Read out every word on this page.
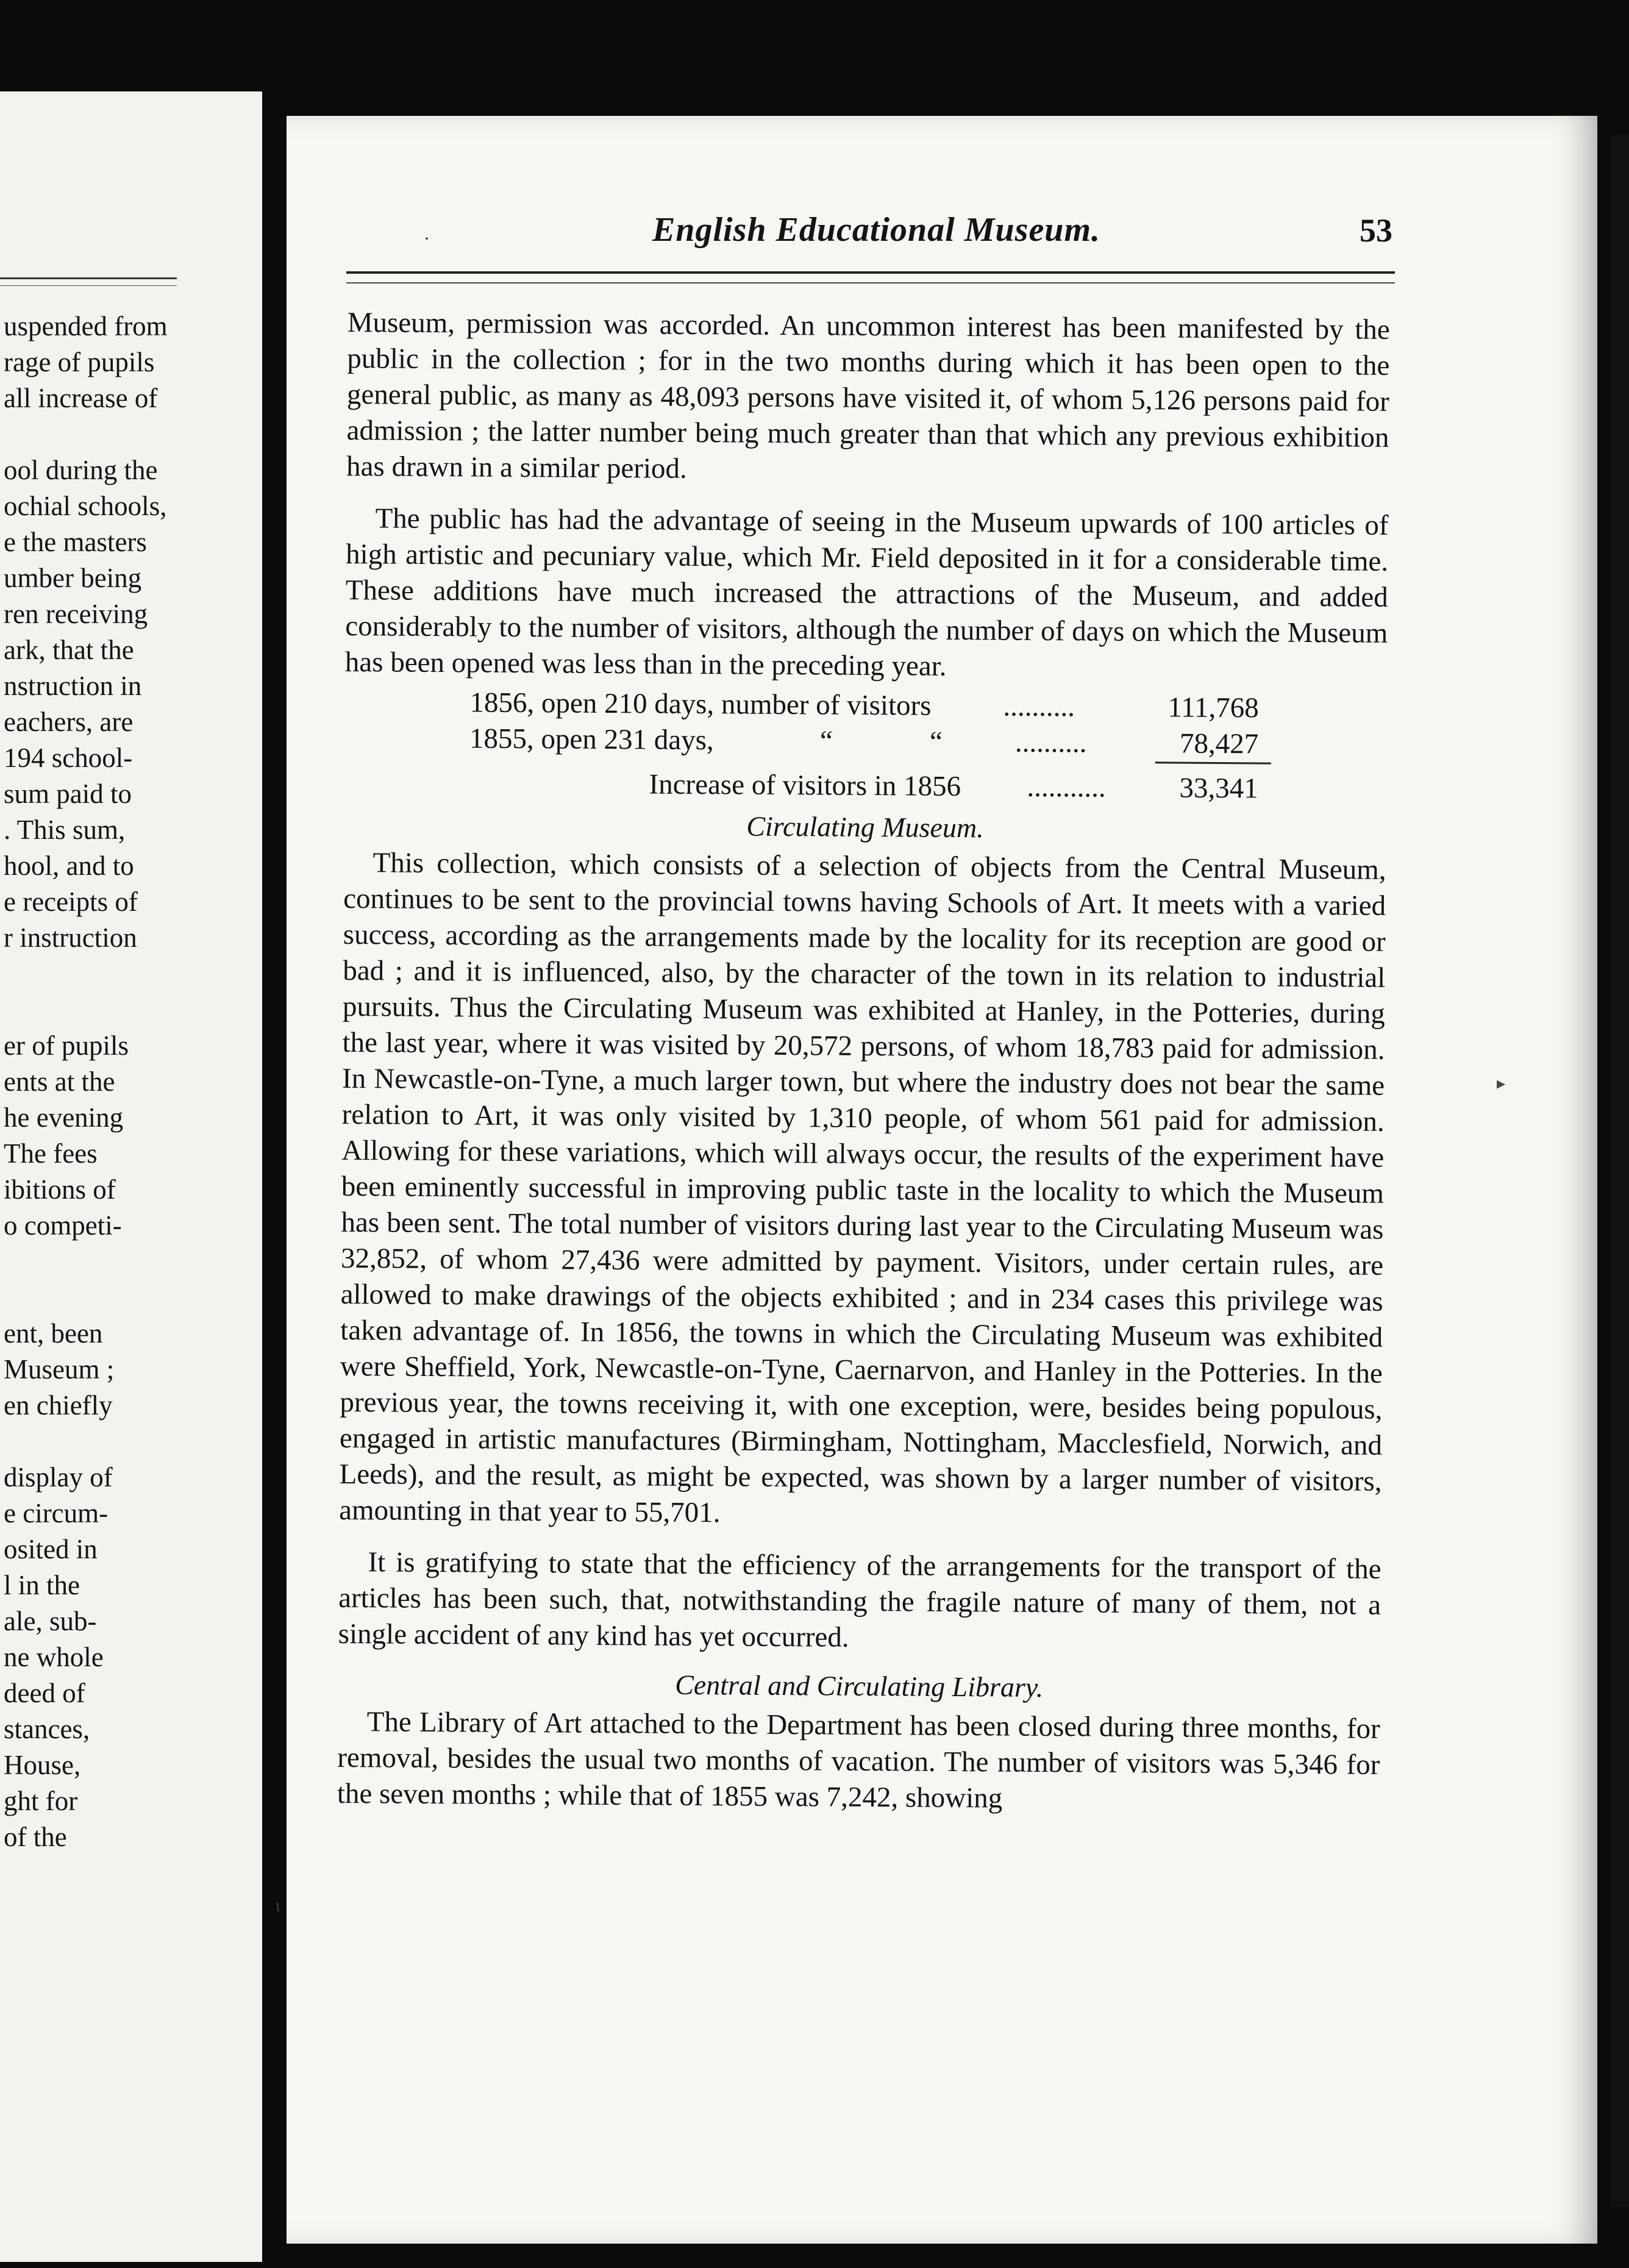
uspended from
rage of pupils
all increase of
ool during the
ochial schools,
e the masters
umber being
ren receiving
ark, that the
nstruction in
eachers, are
194 school-
sum paid to
. This sum,
hool, and to
e receipts of
r instruction
er of pupils
ents at the
he evening
The fees
ibitions of
o competi-
ent, been
Museum ;
en chiefly
display of
e circum-
osited in
l in the
ale, sub-
ne whole
deed of
stances,
House,
ght for
of the
·	English Educational Museum.	53

Museum, permission was accorded. An uncommon interest has been manifested by the public in the collection ; for in the two months during which it has been open to the general public, as many as 48,093 persons have visited it, of whom 5,126 persons paid for admission ; the latter number being much greater than that which any previous exhibition has drawn in a similar period.

The public has had the advantage of seeing in the Museum upwards of 100 articles of high artistic and pecuniary value, which Mr. Field deposited in it for a considerable time. These additions have much increased the attractions of the Museum, and added considerably to the number of visitors, although the number of days on which the Museum has been opened was less than in the preceding year.

1856, open 210 days, number of visitors ..........	111,768
1855, open 231 days,	“	“	..........	78,427
Increase of visitors in 1856 ...........	33,341
Circulating Museum.

This collection, which consists of a selection of objects from the Central Museum, continues to be sent to the provincial towns having Schools of Art. It meets with a varied success, according as the arrangements made by the locality for its reception are good or bad ; and it is influenced, also, by the character of the town in its relation to industrial pursuits. Thus the Circulating Museum was exhibited at Hanley, in the Potteries, during the last year, where it was visited by 20,572 persons, of whom 18,783 paid for admission. In Newcastle-on-Tyne, a much larger town, but where the industry does not bear the same relation to Art, it was only visited by 1,310 people, of whom 561 paid for admission. Allowing for these variations, which will always occur, the results of the experiment have been eminently successful in improving public taste in the locality to which the Museum has been sent. The total number of visitors during last year to the Circulating Museum was 32,852, of whom 27,436 were admitted by payment. Visitors, under certain rules, are allowed to make drawings of the objects exhibited ; and in 234 cases this privilege was taken advantage of. In 1856, the towns in which the Circulating Museum was exhibited were Sheffield, York, Newcastle-on-Tyne, Caernarvon, and Hanley in the Potteries. In the previous year, the towns receiving it, with one exception, were, besides being populous, engaged in artistic manufactures (Birmingham, Nottingham, Macclesfield, Norwich, and Leeds), and the result, as might be expected, was shown by a larger number of visitors, amounting in that year to 55,701.

It is gratifying to state that the efficiency of the arrangements for the transport of the articles has been such, that, notwithstanding the fragile nature of many of them, not a single accident of any kind has yet occurred.

Central and Circulating Library.

The Library of Art attached to the Department has been closed during three months, for removal, besides the usual two months of vacation. The number of visitors was 5,346 for the seven months ; while that of 1855 was 7,242, showing

▸
ι
